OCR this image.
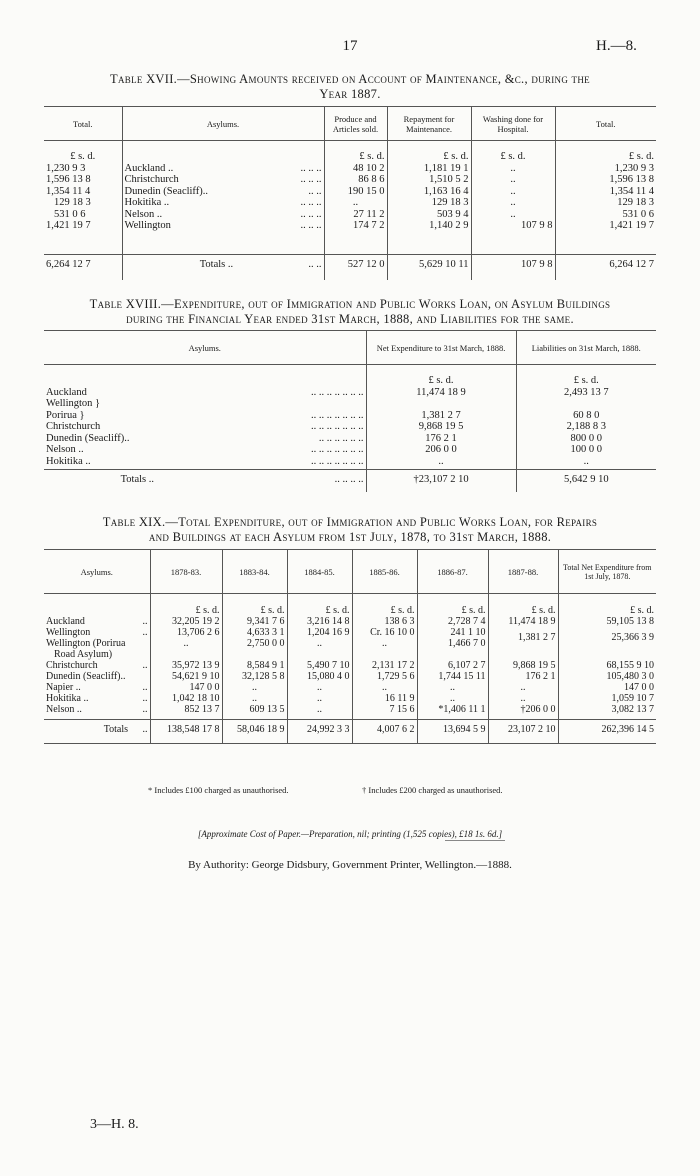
17	H.—8.
Table XVII.—Showing Amounts received on Account of Maintenance, &c., during the
Year 1887.
Total.	Asylums.	Produce and Articles sold.	Repayment for Maintenance.	Washing done for Hospital.	Total.
£ s. d.		£ s. d.	£ s. d.	£ s. d.	£ s. d.
1,230 9 3	Auckland .. .. .. ..	48 10 2	1,181 19 1	..	1,230 9 3
1,596 13 8	Christchurch .. .. ..	86 8 6	1,510 5 2	..	1,596 13 8
1,354 11 4	Dunedin (Seacliff).. .. ..	190 15 0	1,163 16 4	..	1,354 11 4
129 18 3	Hokitika .. .. .. ..	..	129 18 3	..	129 18 3
531 0 6	Nelson .. .. .. ..	27 11 2	503 9 4	..	531 0 6
1,421 19 7	Wellington .. .. ..	174 7 2	1,140 2 9	107 9 8	1,421 19 7
6,264 12 7	Totals .. .. ..	527 12 0	5,629 10 11	107 9 8	6,264 12 7
Table XVIII.—Expenditure, out of Immigration and Public Works Loan, on Asylum Buildings
during the Financial Year ended 31st March, 1888, and Liabilities for the same.
Asylums.		Net Expenditure to 31st March, 1888.	Liabilities on 31st March, 1888.
		£ s. d.	£ s. d.
Auckland	.. .. .. .. .. .. ..	11,474 18 9	2,493 13 7
Wellington }			
Porirua }	.. .. .. .. .. .. ..	1,381 2 7	60 8 0
Christchurch	.. .. .. .. .. .. ..	9,868 19 5	2,188 8 3
Dunedin (Seacliff)..	.. .. .. .. .. ..	176 2 1	800 0 0
Nelson ..	.. .. .. .. .. .. ..	206 0 0	100 0 0
Hokitika ..	.. .. .. .. .. .. ..	..	..
Totals ..	.. .. .. ..	†23,107 2 10	5,642 9 10
Table XIX.—Total Expenditure, out of Immigration and Public Works Loan, for Repairs
and Buildings at each Asylum from 1st July, 1878, to 31st March, 1888.
Asylums.		1878-83.	1883-84.	1884-85.	1885-86.	1886-87.	1887-88.	Total Net Expenditure from 1st July, 1878.
		£ s. d.	£ s. d.	£ s. d.	£ s. d.	£ s. d.	£ s. d.	£ s. d.
Auckland	..	32,205 19 2	9,341 7 6	3,216 14 8	138 6 3	2,728 7 4	11,474 18 9	59,105 13 8
Wellington	..	13,706 2 6	4,633 3 1	1,204 16 9	Cr. 16 10 0	241 1 10	1,381 2 7	25,366 3 9
Wellington (Porirua		..	2,750 0 0	..	..	1,466 7 0		
Road Asylum)								
Christchurch	..	35,972 13 9	8,584 9 1	5,490 7 10	2,131 17 2	6,107 2 7	9,868 19 5	68,155 9 10
Dunedin (Seacliff)..		54,621 9 10	32,128 5 8	15,080 4 0	1,729 5 6	1,744 15 11	176 2 1	105,480 3 0
Napier ..	..	147 0 0	..	..	..	..	..	147 0 0
Hokitika ..	..	1,042 18 10	..	..	16 11 9	..	..	1,059 10 7
Nelson ..	..	852 13 7	609 13 5	..	7 15 6	*1,406 11 1	†206 0 0	3,082 13 7
Totals	..	138,548 17 8	58,046 18 9	24,992 3 3	4,007 6 2	13,694 5 9	23,107 2 10	262,396 14 5
* Includes £100 charged as unauthorised.	† Includes £200 charged as unauthorised.
[Approximate Cost of Paper.—Preparation, nil; printing (1,525 copies), £18 1s. 6d.]
By Authority: George Didsbury, Government Printer, Wellington.—1888.
3—H. 8.
